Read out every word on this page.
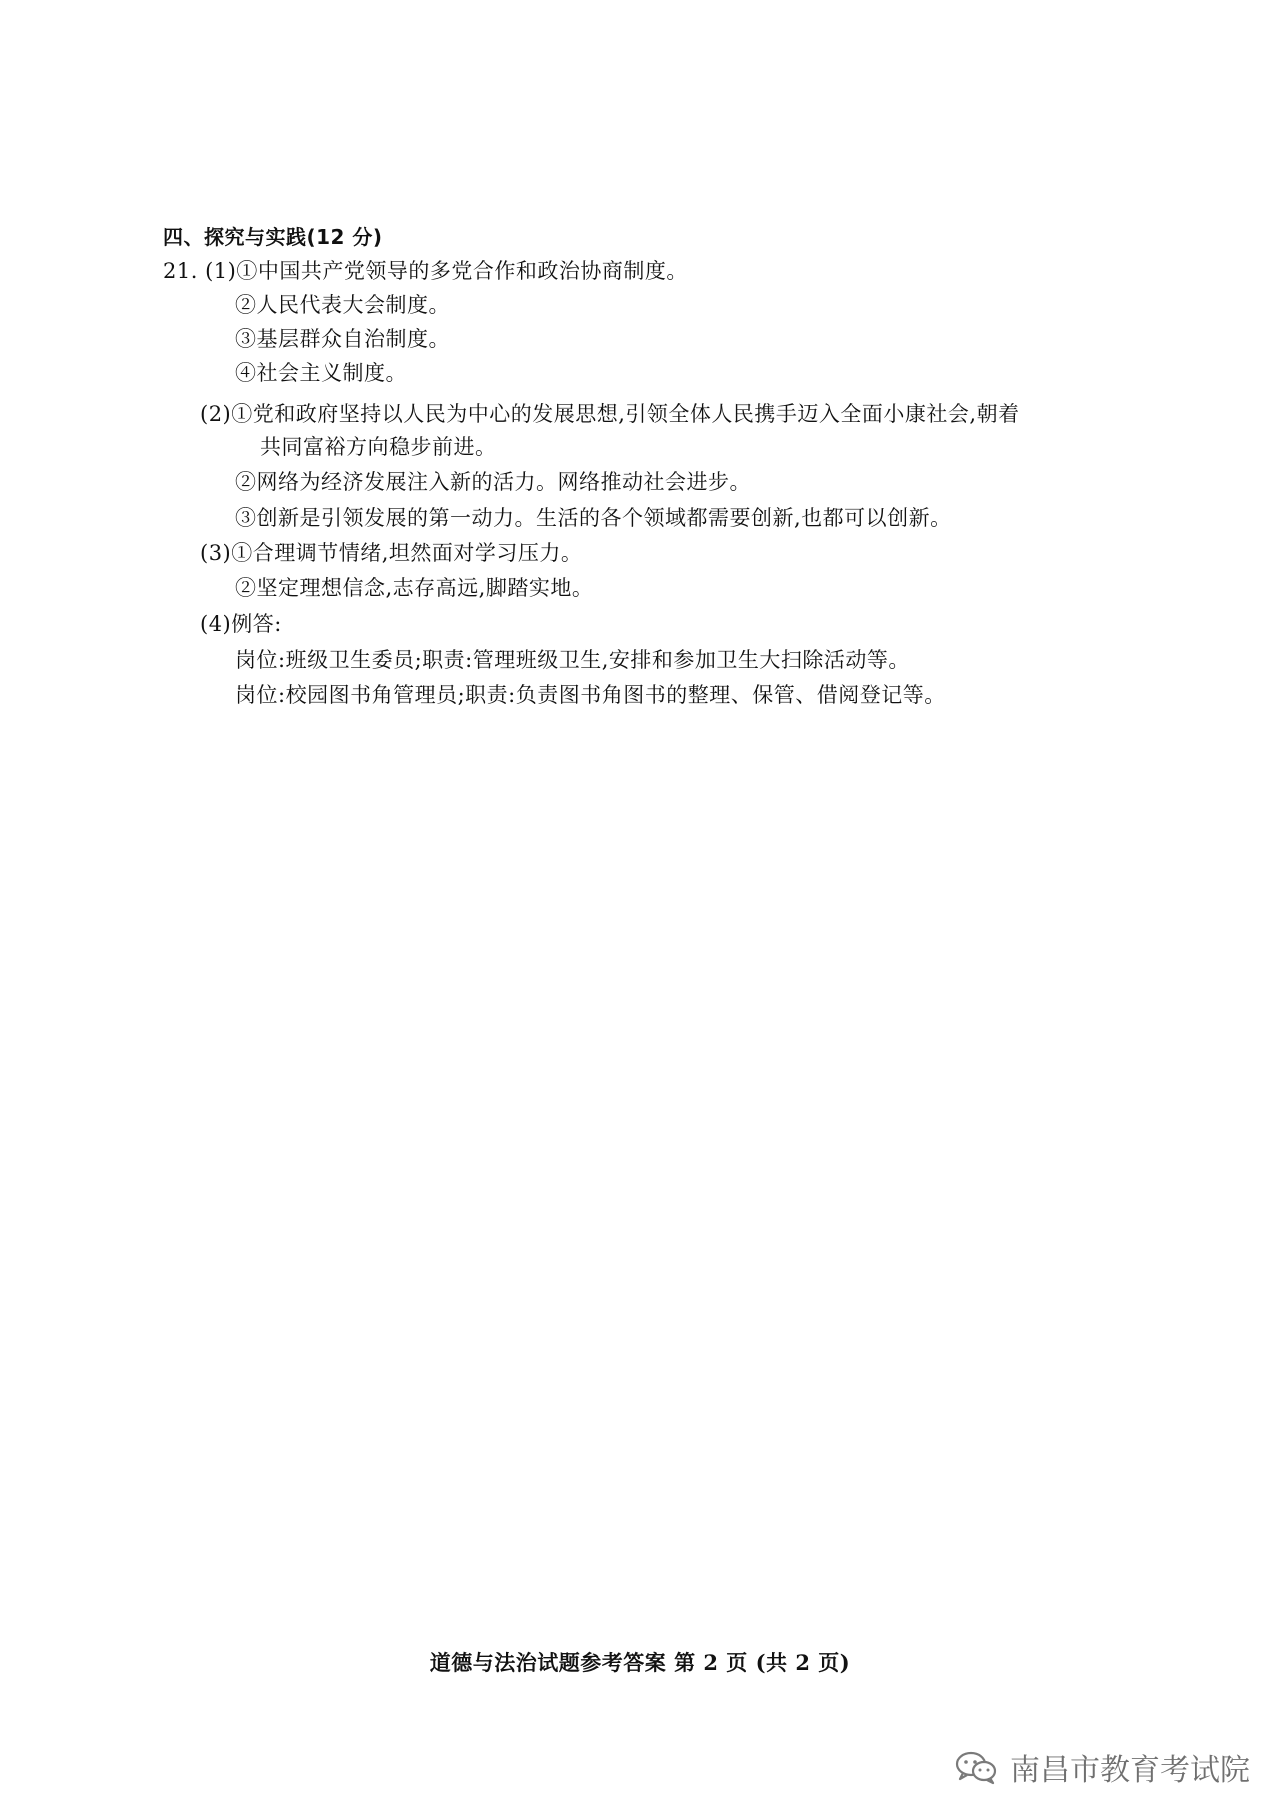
四、探究与实践(12 分)
21. (1)①中国共产党领导的多党合作和政治协商制度。
②人民代表大会制度。
③基层群众自治制度。
④社会主义制度。
(2)①党和政府坚持以人民为中心的发展思想,引领全体人民携手迈入全面小康社会,朝着
共同富裕方向稳步前进。
②网络为经济发展注入新的活力。网络推动社会进步。
③创新是引领发展的第一动力。生活的各个领域都需要创新,也都可以创新。
(3)①合理调节情绪,坦然面对学习压力。
②坚定理想信念,志存高远,脚踏实地。
(4)例答:
岗位:班级卫生委员;职责:管理班级卫生,安排和参加卫生大扫除活动等。
岗位:校园图书角管理员;职责:负责图书角图书的整理、保管、借阅登记等。
道德与法治试题参考答案 第 2 页 (共 2 页)
南昌市教育考试院
